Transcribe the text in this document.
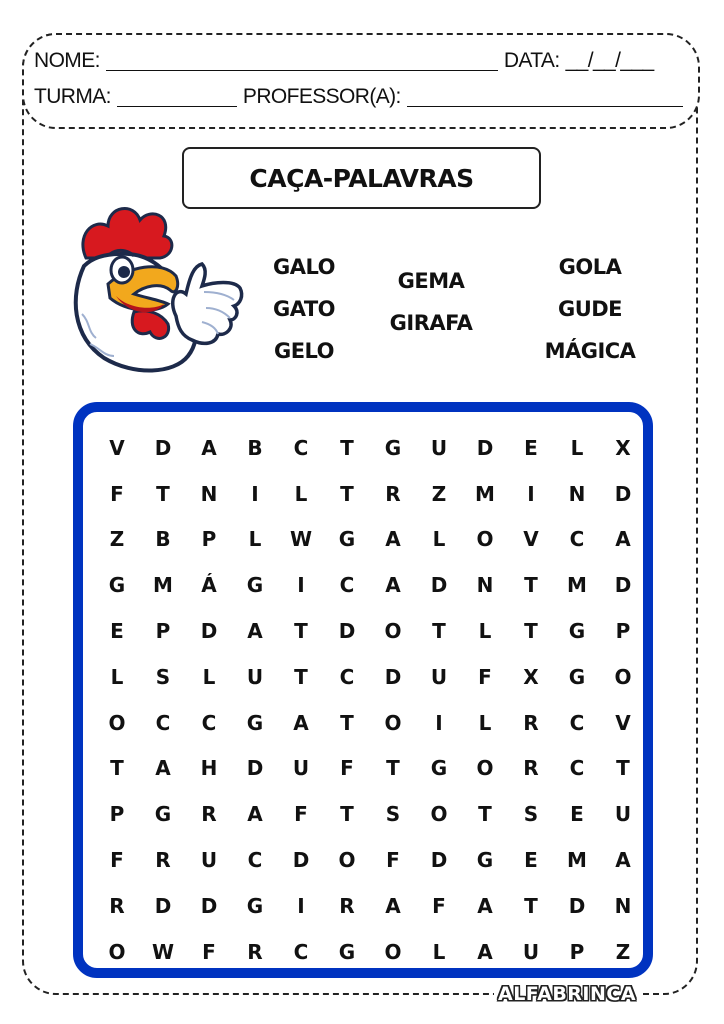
NOME:	DATA: __/__/___
TURMA:	PROFESSOR(A):
CAÇA-PALAVRAS
GALO
GATO
GELO
GEMA
GIRAFA
GOLA
GUDE
MÁGICA
V	D	A	B	C	T	G	U	D	E	L	X
F	T	N	I	L	T	R	Z	M	I	N	D
Z	B	P	L	W	G	A	L	O	V	C	A
G	M	Á	G	I	C	A	D	N	T	M	D
E	P	D	A	T	D	O	T	L	T	G	P
L	S	L	U	T	C	D	U	F	X	G	O
O	C	C	G	A	T	O	I	L	R	C	V
T	A	H	D	U	F	T	G	O	R	C	T
P	G	R	A	F	T	S	O	T	S	E	U
F	R	U	C	D	O	F	D	G	E	M	A
R	D	D	G	I	R	A	F	A	T	D	N
O	W	F	R	C	G	O	L	A	U	P	Z
ALFABRINCA
